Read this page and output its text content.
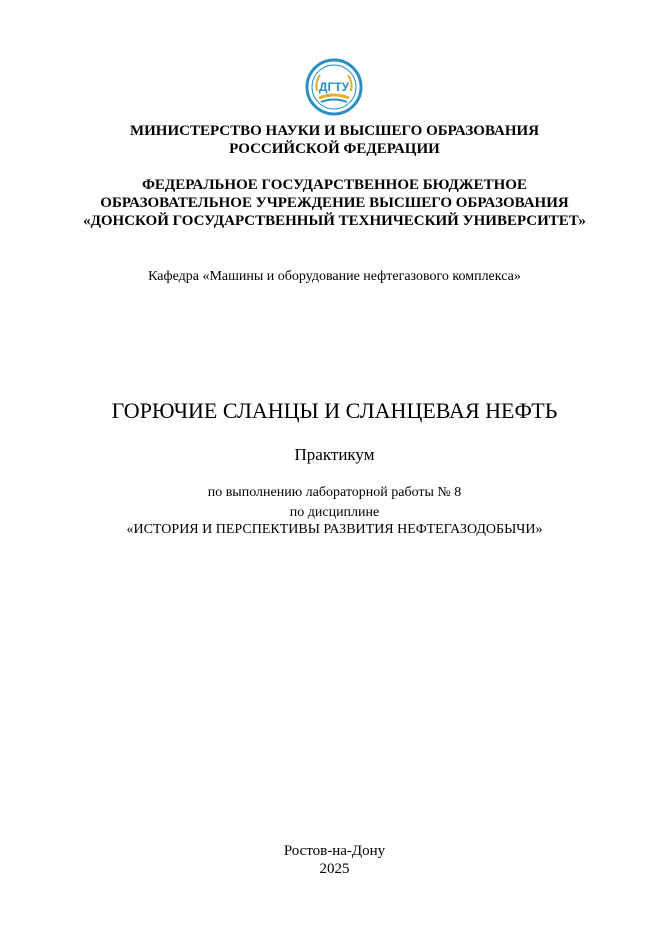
ДГТУ
МИНИСТЕРСТВО НАУКИ И ВЫСШЕГО ОБРАЗОВАНИЯ
РОССИЙСКОЙ ФЕДЕРАЦИИ
ФЕДЕРАЛЬНОЕ ГОСУДАРСТВЕННОЕ БЮДЖЕТНОЕ
ОБРАЗОВАТЕЛЬНОЕ УЧРЕЖДЕНИЕ ВЫСШЕГО ОБРАЗОВАНИЯ
«ДОНСКОЙ ГОСУДАРСТВЕННЫЙ ТЕХНИЧЕСКИЙ УНИВЕРСИТЕТ»
Кафедра «Машины и оборудование нефтегазового комплекса»
ГОРЮЧИЕ СЛАНЦЫ И СЛАНЦЕВАЯ НЕФТЬ
Практикум
по выполнению лабораторной работы № 8
по дисциплине
«ИСТОРИЯ И ПЕРСПЕКТИВЫ РАЗВИТИЯ НЕФТЕГАЗОДОБЫЧИ»
Ростов-на-Дону
2025
